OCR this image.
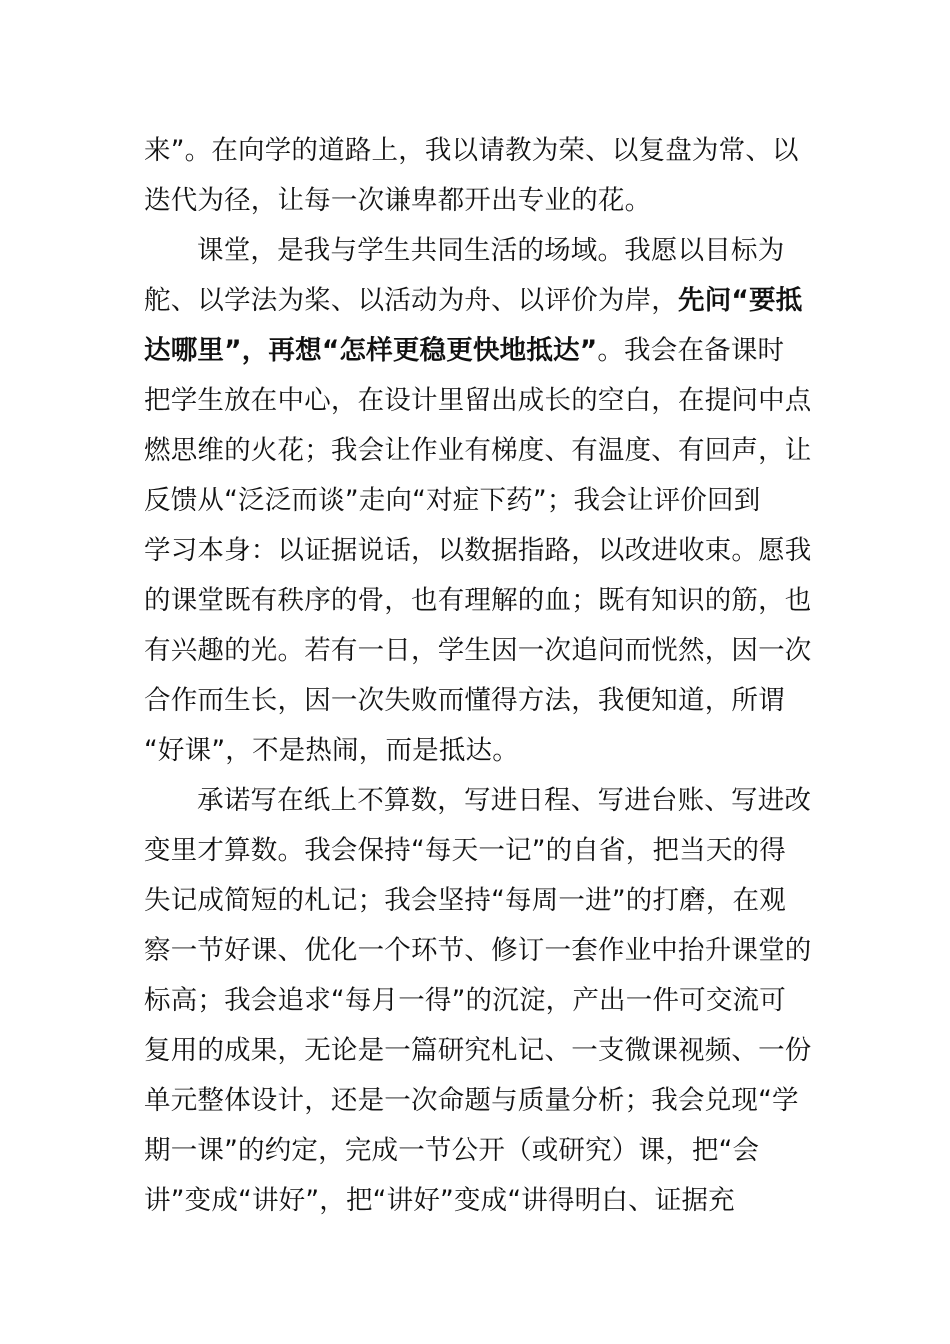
来”。在向学的道路上，我以请教为荣、以复盘为常、以
迭代为径，让每一次谦卑都开出专业的花。
课堂，是我与学生共同生活的场域。我愿以目标为
舵、以学法为桨、以活动为舟、以评价为岸，先问“要抵
达哪里”，再想“怎样更稳更快地抵达”。我会在备课时
把学生放在中心，在设计里留出成长的空白，在提问中点
燃思维的火花；我会让作业有梯度、有温度、有回声，让
反馈从“泛泛而谈”走向“对症下药”；我会让评价回到
学习本身：以证据说话，以数据指路，以改进收束。愿我
的课堂既有秩序的骨，也有理解的血；既有知识的筋，也
有兴趣的光。若有一日，学生因一次追问而恍然，因一次
合作而生长，因一次失败而懂得方法，我便知道，所谓
“好课”，不是热闹，而是抵达。
承诺写在纸上不算数，写进日程、写进台账、写进改
变里才算数。我会保持“每天一记”的自省，把当天的得
失记成简短的札记；我会坚持“每周一进”的打磨，在观
察一节好课、优化一个环节、修订一套作业中抬升课堂的
标高；我会追求“每月一得”的沉淀，产出一件可交流可
复用的成果，无论是一篇研究札记、一支微课视频、一份
单元整体设计，还是一次命题与质量分析；我会兑现“学
期一课”的约定，完成一节公开（或研究）课，把“会
讲”变成“讲好”，把“讲好”变成“讲得明白、证据充
